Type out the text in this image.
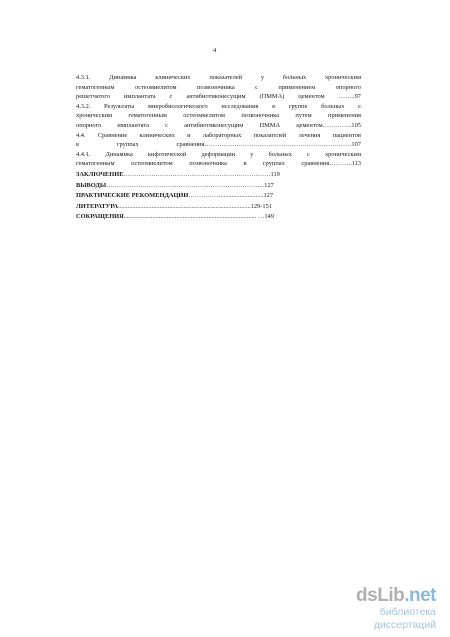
4
4.3.1. Динамика клинических показателей у больных хроническим
гематогенным остеомиелитом позвоночника с применением опорного
решетчатого имплантата с антибиотиконесущим (ПММА) цементом ……..97
4.3.2. Результаты микробиологического исследования в группе больных с
хроническим гематогенным остеомиелитом позвоночника путем применения
опорного имплантата с антибиотиконесущим ПММА цементом…………..105
4.4. Сравнение клинических и лабораторных показателей лечения пациентов
в группах сравнения……………………………………………………………107
4.4.1. Динамика кифотической деформации у больных с хроническим
гематогенным остеомиелитом позвоночника в группах сравнения………..113
ЗАКЛЮЧЕНИЕ……………………………………………………………119
ВЫВОДЫ………………………………………………………………...127
ПРАКТИЧЕСКИЕ РЕКОМЕНДАЦИИ……………...........................127
ЛИТЕРАТУРА...................................................................................129-151
СОКРАЩЕНИЯ................................................................................... …149
dsLib.net
библиотека диссертаций
